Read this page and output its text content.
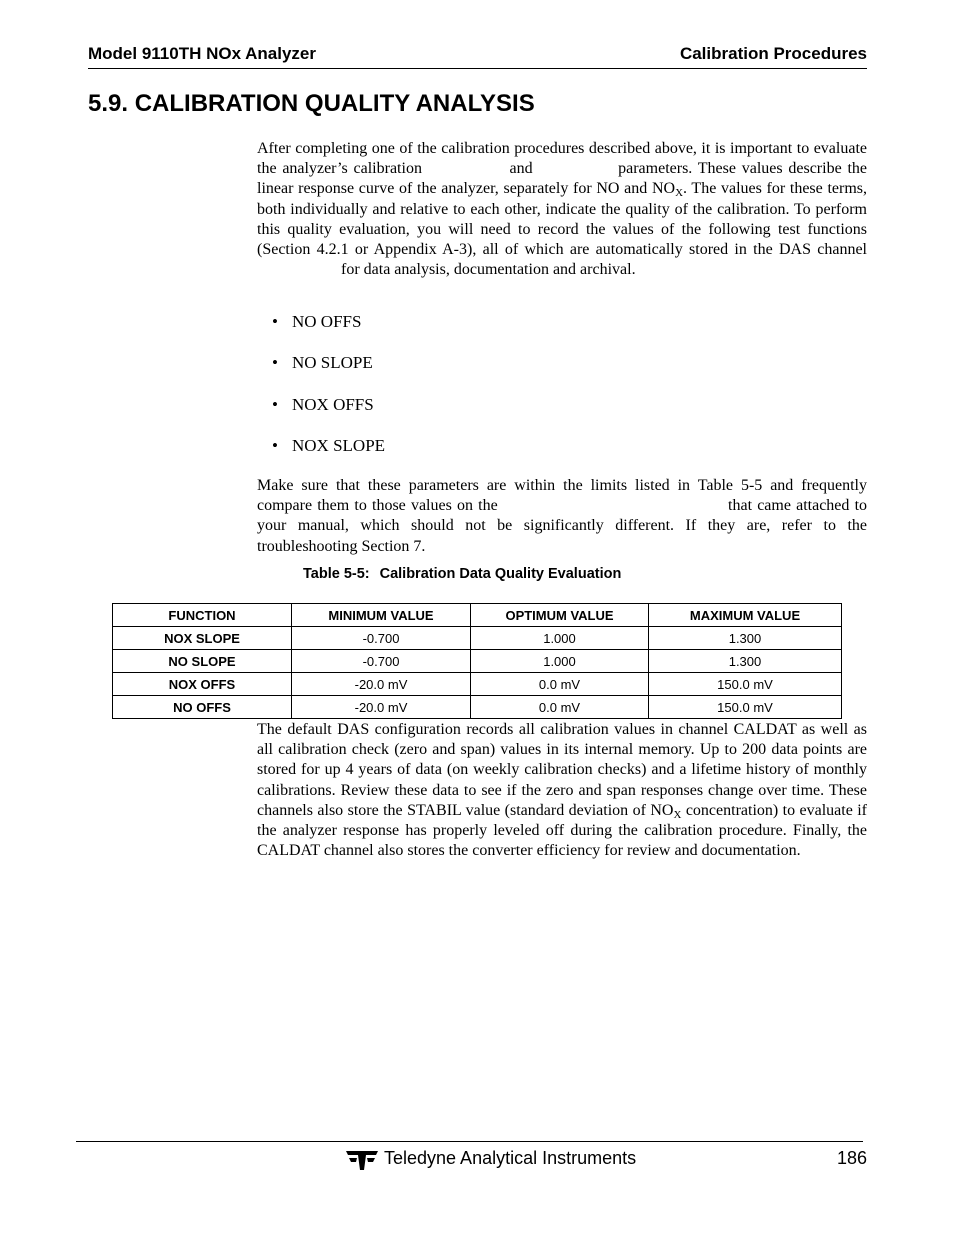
Model 9110TH NOx Analyzer	Calibration Procedures
5.9. CALIBRATION QUALITY ANALYSIS
After completing one of the calibration procedures described above, it is important to evaluate the analyzer’s calibration	and	parameters. These values describe the linear response curve of the analyzer, separately for NO and $NO_X$. The values for these terms, both individually and relative to each other, indicate the quality of the calibration. To perform this quality evaluation, you will need to record the values of the following test functions (Section 4.2.1 or Appendix A-3), all of which are automatically stored in the DAS channel  for data analysis, documentation and archival.
• NO OFFS
• NO SLOPE
• NOX OFFS
• NOX SLOPE
Make sure that these parameters are within the limits listed in Table 5-5 and frequently compare them to those values on the	that came attached to your manual, which should not be significantly different. If they are, refer to the troubleshooting Section 7.
Table 5-5: Calibration Data Quality Evaluation
FUNCTION	MINIMUM VALUE	OPTIMUM VALUE	MAXIMUM VALUE
NOX SLOPE	-0.700	1.000	1.300
NO SLOPE	-0.700	1.000	1.300
NOX OFFS	-20.0 mV	0.0 mV	150.0 mV
NO OFFS	-20.0 mV	0.0 mV	150.0 mV
The default DAS configuration records all calibration values in channel CALDAT as well as all calibration check (zero and span) values in its internal memory. Up to 200 data points are stored for up 4 years of data (on weekly calibration checks) and a lifetime history of monthly calibrations. Review these data to see if the zero and span responses change over time. These channels also store the STABIL value (standard deviation of $NO_X$ concentration) to evaluate if the analyzer response has properly leveled off during the calibration procedure. Finally, the CALDAT channel also stores the converter efficiency for review and documentation.
Teledyne Analytical Instruments	186
